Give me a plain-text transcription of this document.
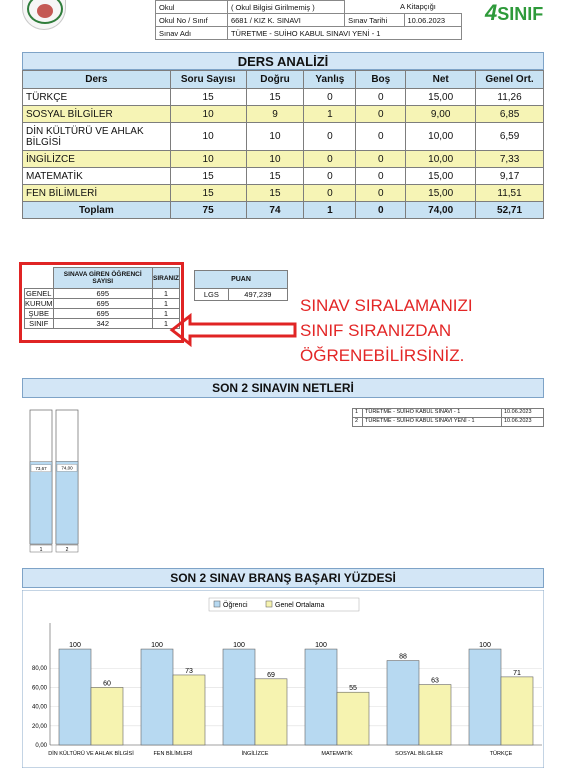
Okul	( Okul Bilgisi Girilmemiş )		
Okul No / Sınıf	6681 / KIZ K. SINAVI	Sınav Tarihi	10.06.2023
Sınav Adı	TÜRETME - SUİHO KABUL SINAVI YENİ - 1		
A Kitapçığı 4SINIF
DERS ANALİZİ
Ders	Soru Sayısı	Doğru	Yanlış	Boş	Net	Genel Ort.
TÜRKÇE	15	15	0	0	15,00	11,26
SOSYAL BİLGİLER	10	9	1	0	9,00	6,85
DİN KÜLTÜRÜ VE AHLAK BİLGİSİ	10	10	0	0	10,00	6,59
İNGİLİZCE	10	10	0	0	10,00	7,33
MATEMATİK	15	15	0	0	15,00	9,17
FEN BİLİMLERİ	15	15	0	0	15,00	11,51
Toplam	75	74	1	0	74,00	52,71
	SINAVA GİREN ÖĞRENCİ SAYISI	SIRANIZ
GENEL	695	1
KURUM	695	1
ŞUBE	695	1
SINIF	342	1
PUAN
LGS	497,239
SINAV SIRALAMANIZI
SINIF SIRANIZDAN
ÖĞRENEBİLİRSİNİZ.
SON 2 SINAVIN NETLERİ
1	TÜRETME - SUİHO KABUL SINAVI - 1	10.06.2023
2	TÜRETME - SUİHO KABUL SINAVI YENİ - 1	10.06.2023
73,67
1
74,00
2
SON 2 SINAV BRANŞ BAŞARI YÜZDESİ
Öğrenci	Genel Ortalama
0,00
20,00
40,00
60,00
80,00
100
60
DİN KÜLTÜRÜ VE AHLAK BİLGİSİ
100
73
FEN BİLİMLERİ
100
69
İNGİLİZCE
100
55
MATEMATİK
88
63
SOSYAL BİLGİLER
100
71
TÜRKÇE
